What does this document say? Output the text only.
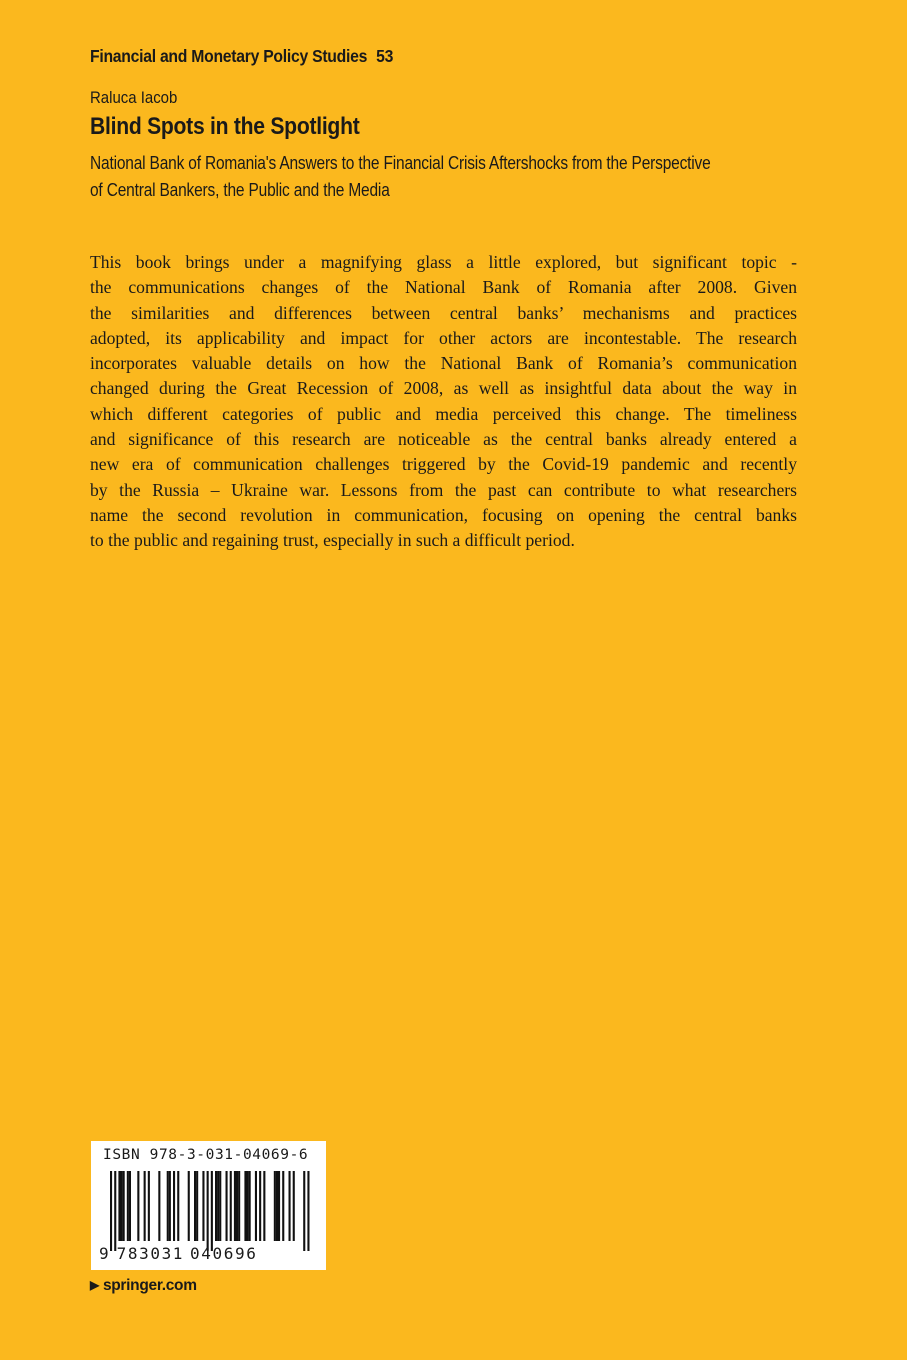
Financial and Monetary Policy Studies 53
Raluca Iacob
Blind Spots in the Spotlight
National Bank of Romania's Answers to the Financial Crisis Aftershocks from the Perspective
of Central Bankers, the Public and the Media
This book brings under a magnifying glass a little explored, but significant topic -
the communications changes of the National Bank of Romania after 2008. Given
the similarities and differences between central banks’ mechanisms and practices
adopted, its applicability and impact for other actors are incontestable. The research
incorporates valuable details on how the National Bank of Romania’s communication
changed during the Great Recession of 2008, as well as insightful data about the way in
which different categories of public and media perceived this change. The timeliness
and significance of this research are noticeable as the central banks already entered a
new era of communication challenges triggered by the Covid-19 pandemic and recently
by the Russia – Ukraine war. Lessons from the past can contribute to what researchers
name the second revolution in communication, focusing on opening the central banks
to the public and regaining trust, especially in such a difficult period.
ISBN 978-3-031-04069-6
9 783031 040696
▶ springer.com
